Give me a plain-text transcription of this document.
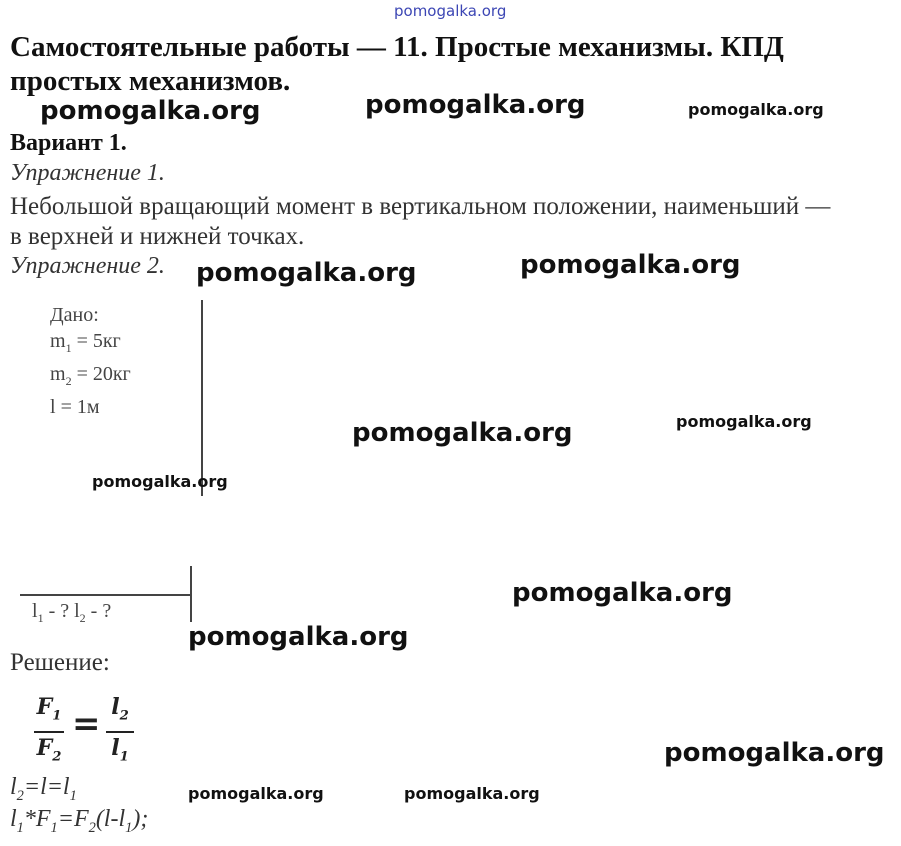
pomogalka.org
Самостоятельные работы — 11. Простые механизмы. КПД простых механизмов.
pomogalka.org	pomogalka.org	pomogalka.org
Вариант 1.
Упражнение 1.
Небольшой вращающий момент в вертикальном положении, наименьший —
в верхней и нижней точках.
Упражнение 2. pomogalka.org	pomogalka.org
Дано:
$m_1 = 5кг$
$m_2 = 20кг$
l = 1м
pomogalka.org	pomogalka.org
pomogalka.org
$l_1$ - ? $l_2$ - ?
pomogalka.org
pomogalka.org
Решение:
$F_1$
$F_2$
= $l_2$
$l_1$	pomogalka.org
$l_2=l=l_1$
$l_1*F_1=F_2(l-l_1)$;
pomogalka.org	pomogalka.org
